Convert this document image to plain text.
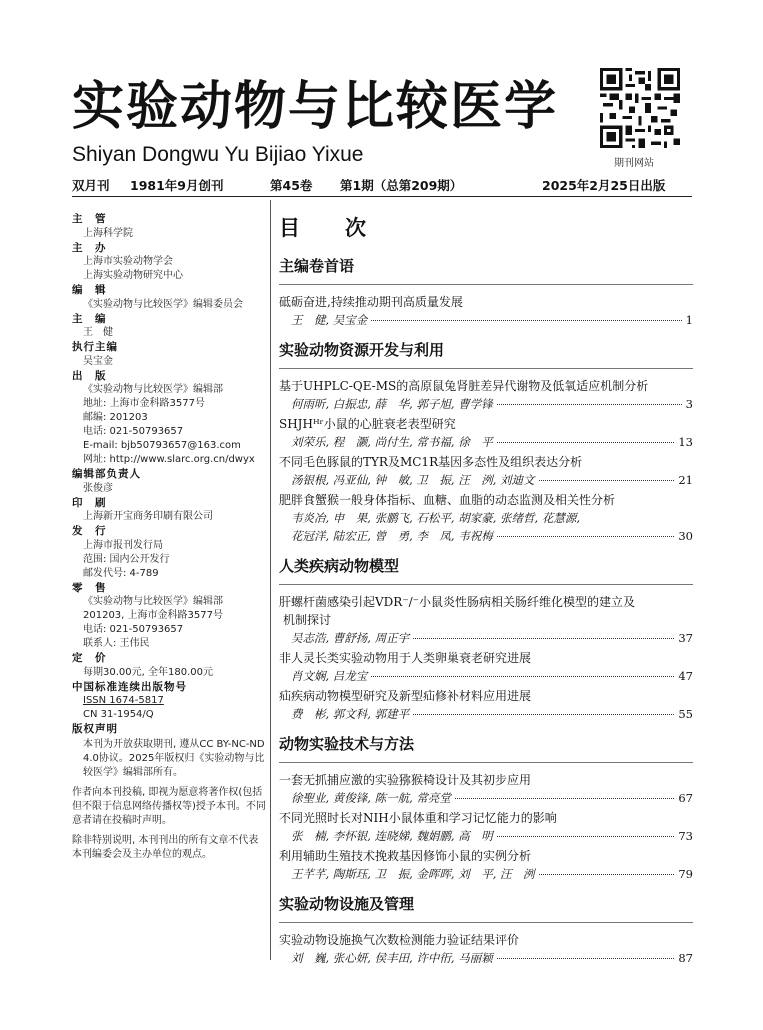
实验动物与比较医学
Shiyan Dongwu Yu Bijiao Yixue	期刊网站
双月刊 1981年9月创刊	第45卷 第1期（总第209期）	2025年2月25日出版
主　管
上海科学院
主　办
上海市实验动物学会
上海实验动物研究中心
编　辑
《实验动物与比较医学》编辑委员会
主　编
王　健
执行主编
吴宝金
出　版
《实验动物与比较医学》编辑部
地址: 上海市金科路3577号
邮编: 201203
电话: 021-50793657
E-mail: bjb50793657@163.com
网址: http://www.slarc.org.cn/dwyx
编辑部负责人
张俊彦
印　刷
上海新开宝商务印刷有限公司
发　行
上海市报刊发行局
范围: 国内公开发行
邮发代号: 4-789
零　售
《实验动物与比较医学》编辑部
201203, 上海市金科路3577号
电话: 021-50793657
联系人: 王伟民
定　价
每期30.00元, 全年180.00元
中国标准连续出版物号
ISSN 1674-5817
CN 31-1954/Q
版权声明
本刊为开放获取期刊, 遵从CC BY-NC-ND 4.0协议。2025年版权归《实验动物与比较医学》编辑部所有。
作者向本刊投稿, 即视为愿意将著作权(包括但不限于信息网络传播权等)授予本刊。不同意者请在投稿时声明。
除非特别说明, 本刊刊出的所有文章不代表本刊编委会及主办单位的观点。
目　次
主编卷首语
砥砺奋进,持续推动期刊高质量发展
王　健, 吴宝金	1
实验动物资源开发与利用
基于UHPLC-QE-MS的高原鼠兔肾脏差异代谢物及低氧适应机制分析
何雨昕, 白振忠, 薛　华, 郭子旭, 曹学锋	3
SHJHᴴʳ小鼠的心脏衰老表型研究
刘荣乐, 程　灏, 尚付生, 常书福, 徐　平	13
不同毛色豚鼠的TYR及MC1R基因多态性及组织表达分析
汤银根, 冯亚仙, 钟　敏, 卫　振, 汪　洌, 刘迪文	21
肥胖食蟹猴一般身体指标、血糖、血脂的动态监测及相关性分析
韦炎冶, 申　果, 张鹏飞, 石松平, 胡家豪, 张绪哲, 花慧源,
花冠洋, 陆宏正, 曾　勇, 李　凤, 韦祝梅	30
人类疾病动物模型
肝螺杆菌感染引起VDR⁻/⁻小鼠炎性肠病相关肠纤维化模型的建立及
机制探讨
吴志浩, 曹舒扬, 周正宇	37
非人灵长类实验动物用于人类卵巢衰老研究进展
肖文娴, 吕龙宝	47
疝疾病动物模型研究及新型疝修补材料应用进展
费　彬, 郭文科, 郭建平	55
动物实验技术与方法
一套无抓捕应激的实验猕猴椅设计及其初步应用
徐聖业, 黄俊锋, 陈一航, 常亮堂	67
不同光照时长对NIH小鼠体重和学习记忆能力的影响
张　楠, 李怀银, 连晓娣, 魏娟鹏, 高　明	73
利用辅助生殖技术挽救基因修饰小鼠的实例分析
王芊芊, 陶斯珏, 卫　振, 金晖晖, 刘　平, 汪　洌	79
实验动物设施及管理
实验动物设施换气次数检测能力验证结果评价
刘　巍, 张心妍, 侯丰田, 许中衎, 马丽颖	87
